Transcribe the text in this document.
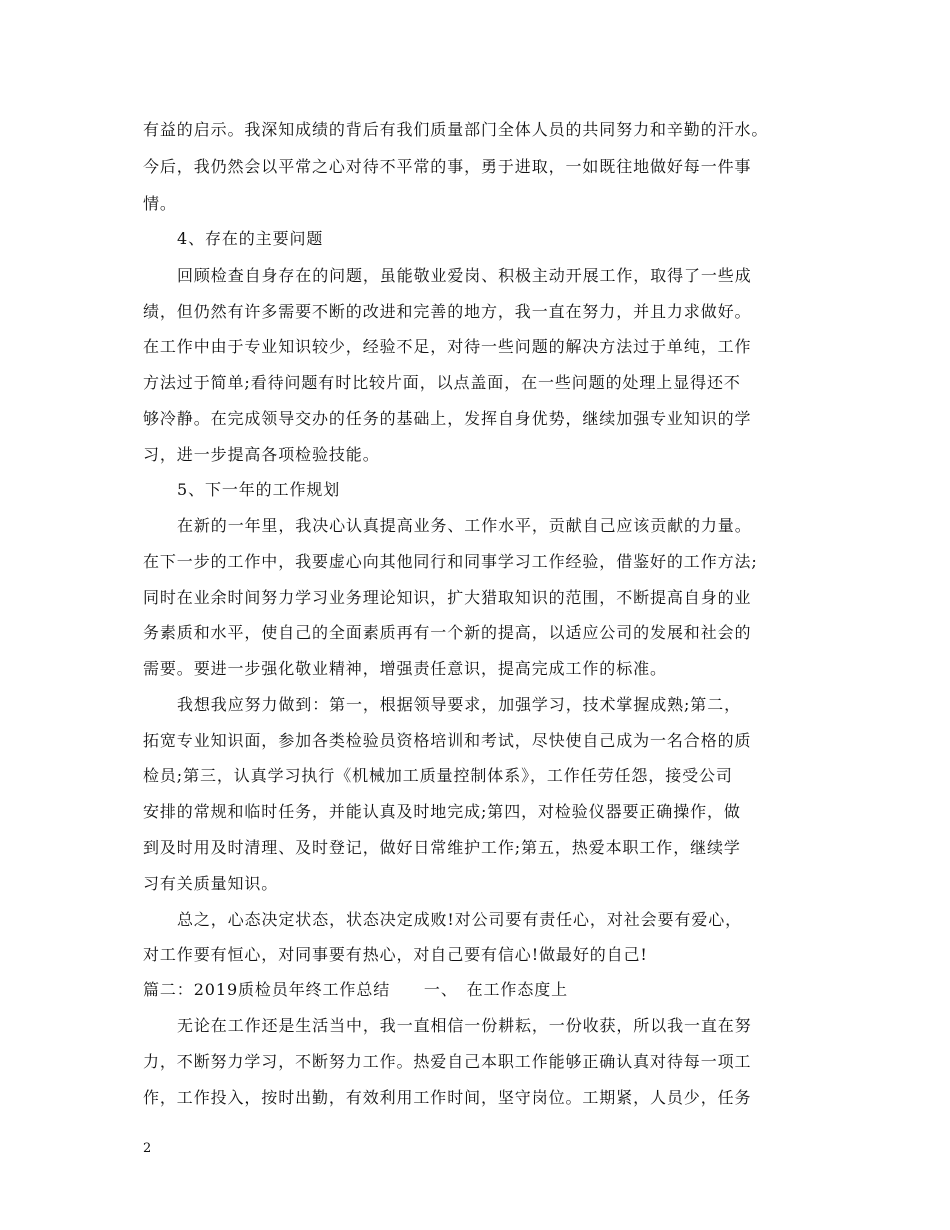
有益的启示。我深知成绩的背后有我们质量部门全体人员的共同努力和辛勤的汗水。
今后，我仍然会以平常之心对待不平常的事，勇于进取，一如既往地做好每一件事
情。
4、存在的主要问题
回顾检查自身存在的问题，虽能敬业爱岗、积极主动开展工作，取得了一些成
绩，但仍然有许多需要不断的改进和完善的地方，我一直在努力，并且力求做好。
在工作中由于专业知识较少，经验不足，对待一些问题的解决方法过于单纯，工作
方法过于简单;看待问题有时比较片面，以点盖面，在一些问题的处理上显得还不
够冷静。在完成领导交办的任务的基础上，发挥自身优势，继续加强专业知识的学
习，进一步提高各项检验技能。
5、下一年的工作规划
在新的一年里，我决心认真提高业务、工作水平，贡献自己应该贡献的力量。
在下一步的工作中，我要虚心向其他同行和同事学习工作经验，借鉴好的工作方法;
同时在业余时间努力学习业务理论知识，扩大猎取知识的范围，不断提高自身的业
务素质和水平，使自己的全面素质再有一个新的提高，以适应公司的发展和社会的
需要。要进一步强化敬业精神，增强责任意识，提高完成工作的标准。
我想我应努力做到：第一，根据领导要求，加强学习，技术掌握成熟;第二，
拓宽专业知识面，参加各类检验员资格培训和考试，尽快使自己成为一名合格的质
检员;第三，认真学习执行《机械加工质量控制体系》，工作任劳任怨，接受公司
安排的常规和临时任务，并能认真及时地完成;第四，对检验仪器要正确操作，做
到及时用及时清理、及时登记，做好日常维护工作;第五，热爱本职工作，继续学
习有关质量知识。
总之，心态决定状态，状态决定成败!对公司要有责任心，对社会要有爱心，
对工作要有恒心，对同事要有热心，对自己要有信心!做最好的自己!
篇二：2019质检员年终工作总结　　一、　在工作态度上
无论在工作还是生活当中，我一直相信一份耕耘，一份收获，所以我一直在努
力，不断努力学习，不断努力工作。热爱自己本职工作能够正确认真对待每一项工
作，工作投入，按时出勤，有效利用工作时间，坚守岗位。工期紧，人员少，任务
2
